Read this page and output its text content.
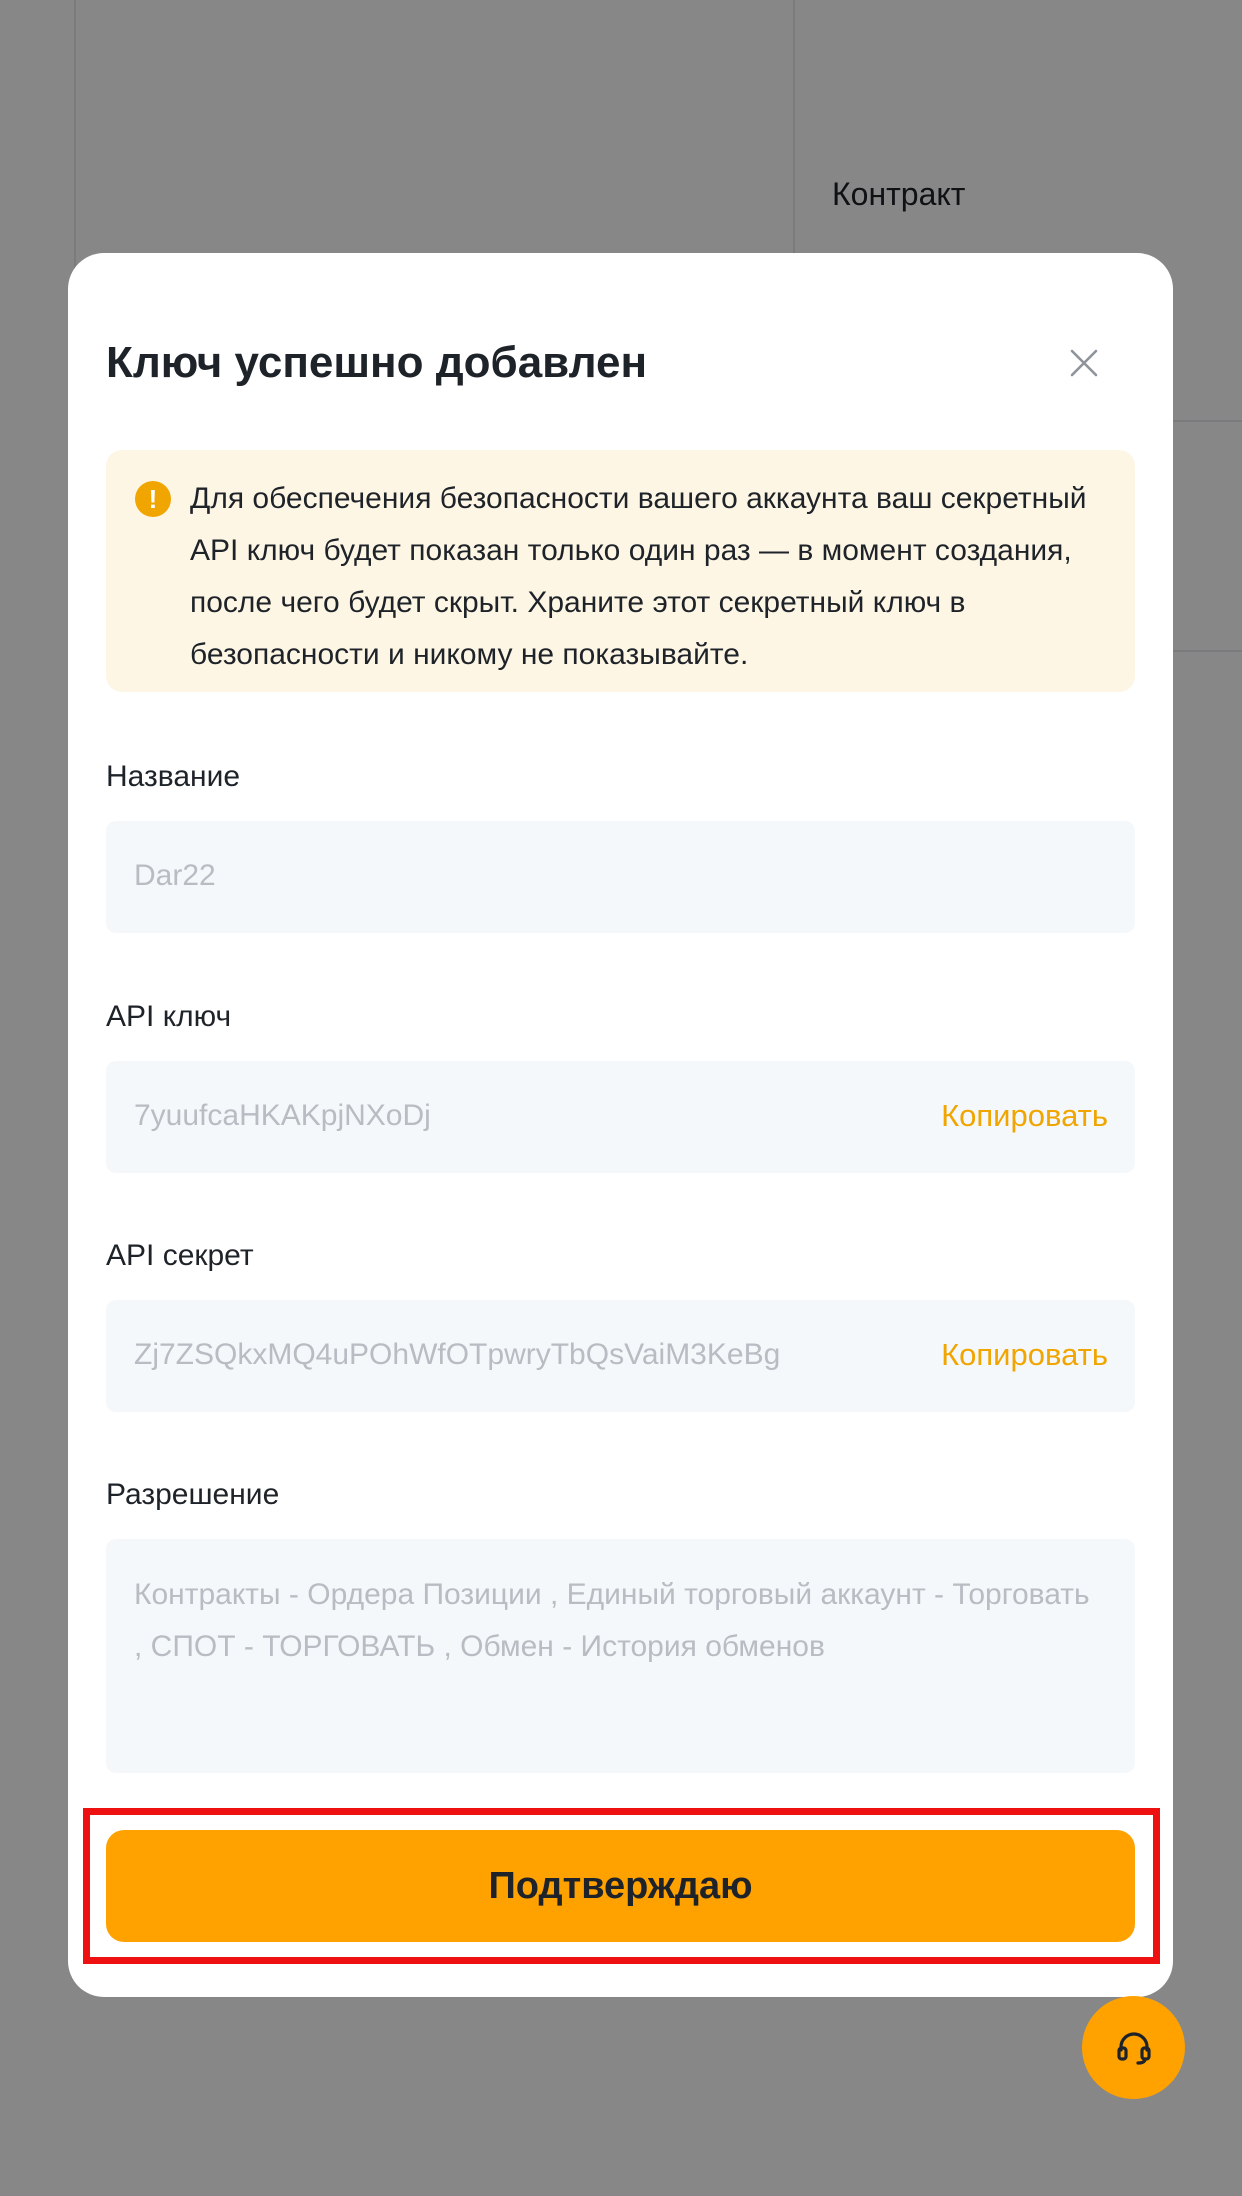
Контракт
Ключ успешно добавлен
!	Для обеспечения безопасности вашего аккаунта ваш секретный API ключ будет показан только один раз — в момент создания, после чего будет скрыт. Храните этот секретный ключ в безопасности и никому не показывайте.
Название
Dar22
API ключ
7yuufcaHKAKpjNXoDj	Копировать
API секрет
Zj7ZSQkxMQ4uPOhWfOTpwryTbQsVaiM3KeBg	Копировать
Разрешение
Контракты - Ордера Позиции , Единый торговый аккаунт - Торговать , СПОТ - ТОРГОВАТЬ , Обмен - История обменов
Подтверждаю
